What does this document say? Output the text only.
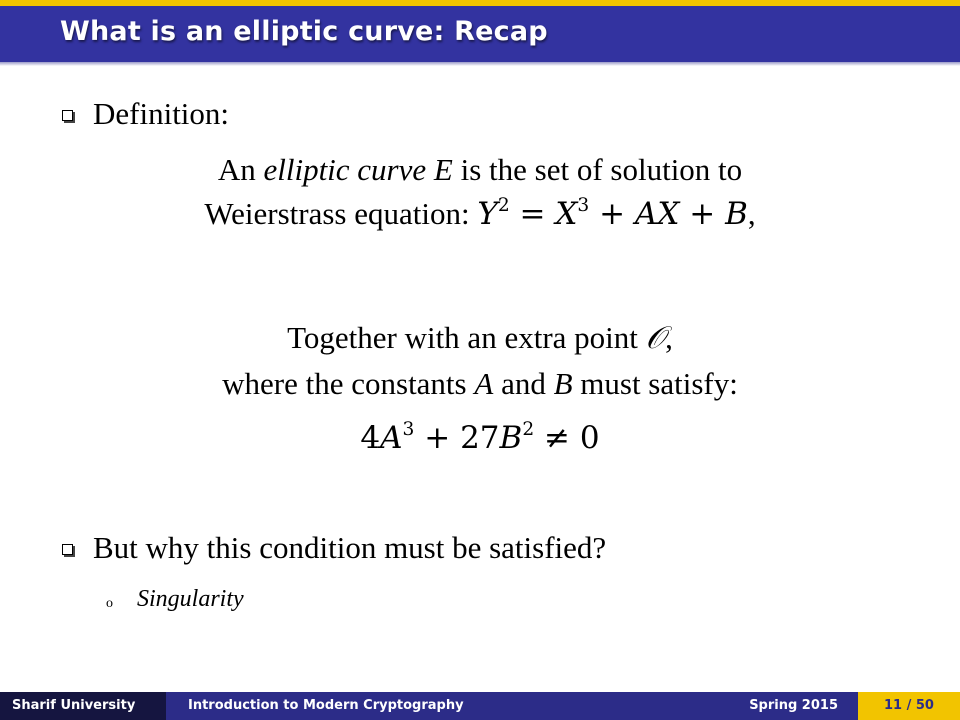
What is an elliptic curve: Recap
Definition:
An elliptic curve E is the set of solution to
Weierstrass equation: $Y^2 = X^3$ + AX + B,
Together with an extra point 𝒪,
where the constants A and B must satisfy:
$4A^3 + 27B^2 \ne 0$
But why this condition must be satisfied?
o Singularity
Sharif University	Introduction to Modern Cryptography	Spring 2015	11 / 50
